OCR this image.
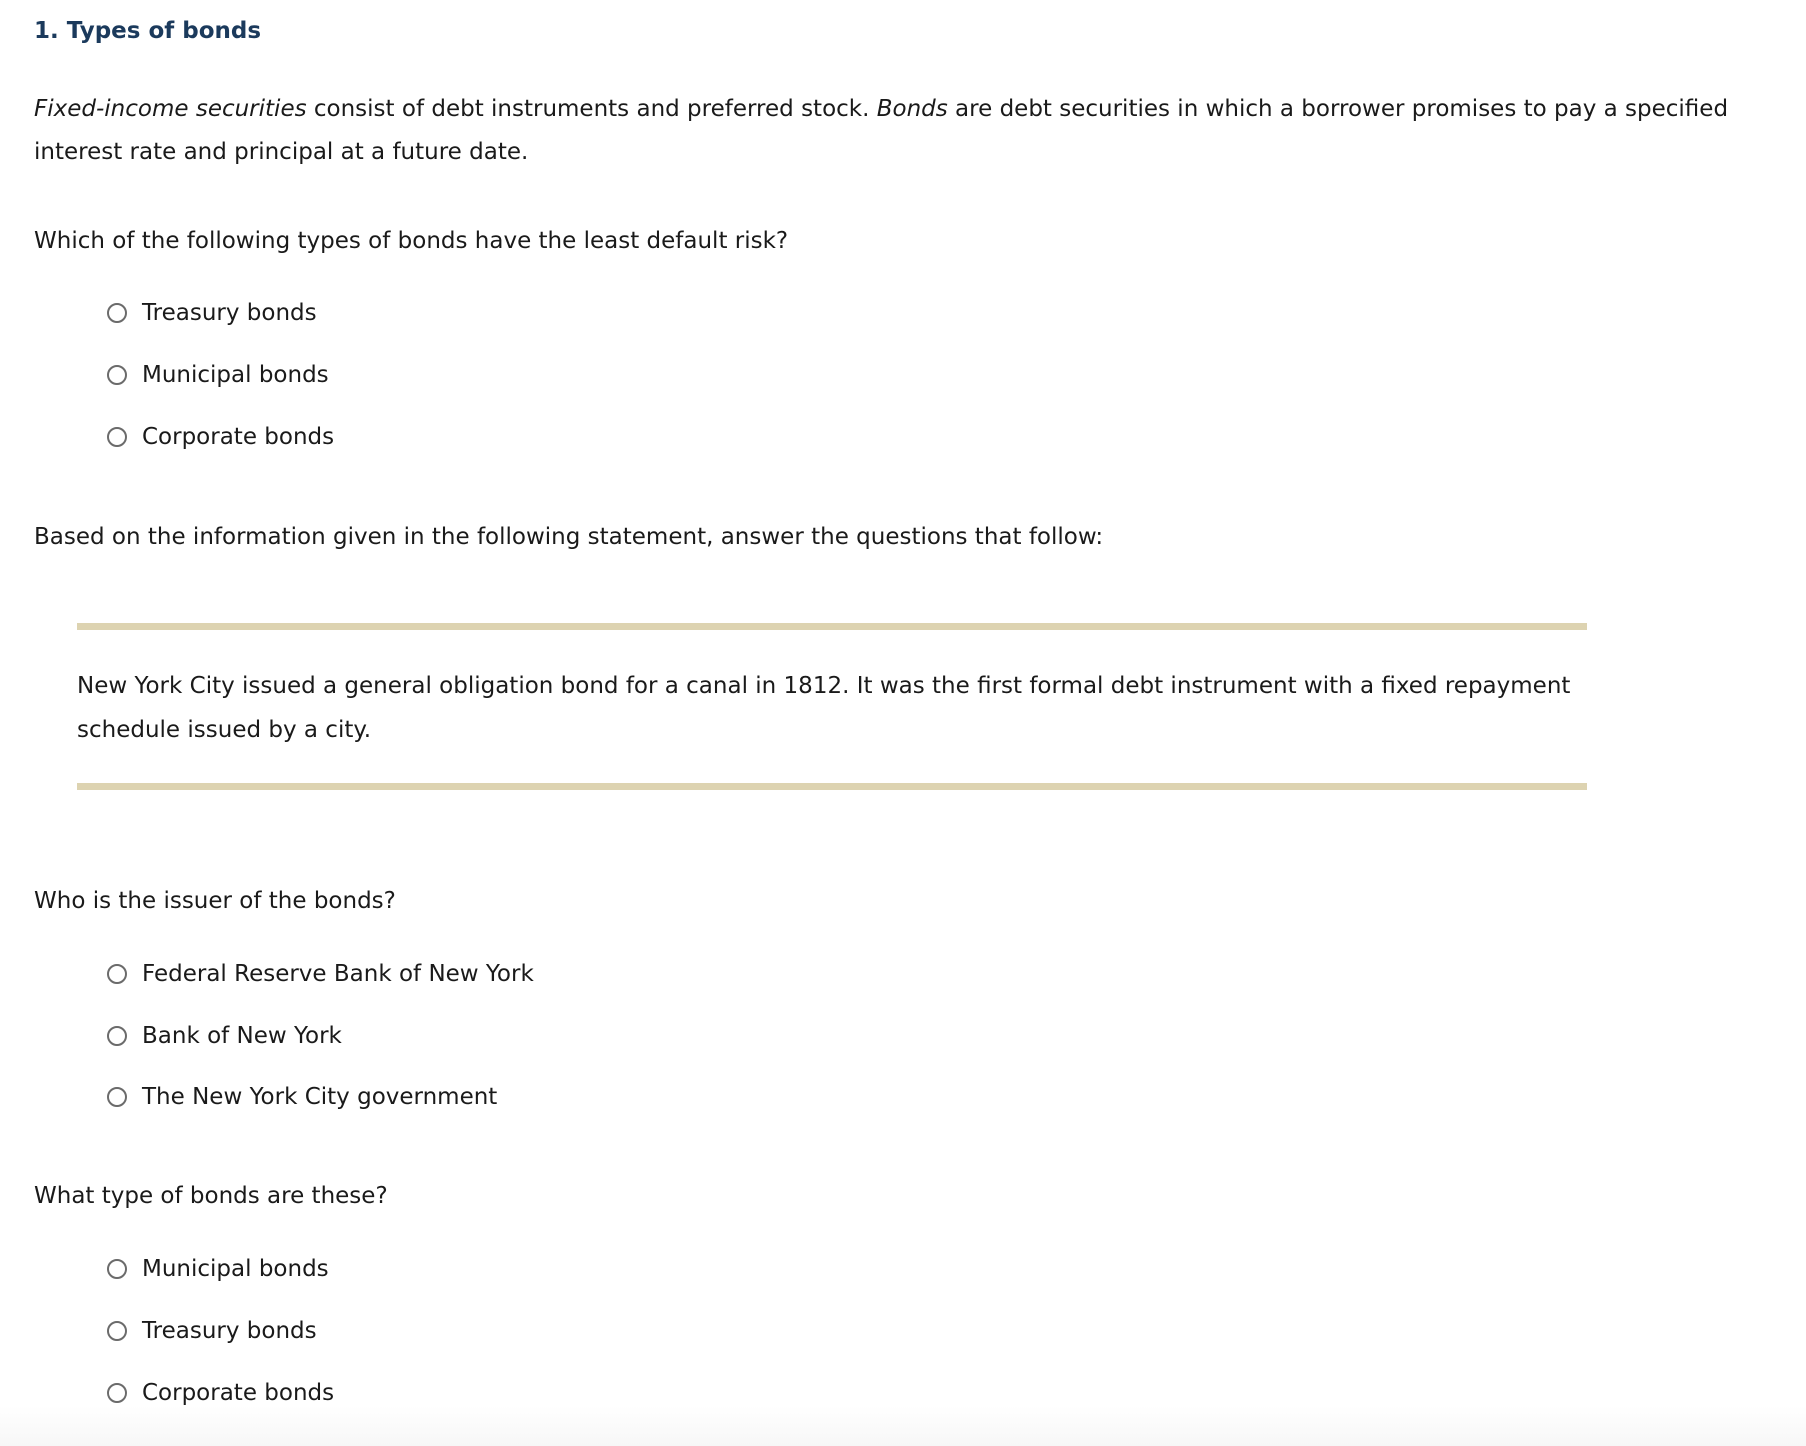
1. Types of bonds

Fixed-income securities consist of debt instruments and preferred stock. Bonds are debt securities in which a borrower promises to pay a specified interest rate and principal at a future date.

Which of the following types of bonds have the least default risk?

Treasury bonds
Municipal bonds
Corporate bonds

Based on the information given in the following statement, answer the questions that follow:

New York City issued a general obligation bond for a canal in 1812. It was the first formal debt instrument with a fixed repayment schedule issued by a city.

Who is the issuer of the bonds?

Federal Reserve Bank of New York
Bank of New York
The New York City government

What type of bonds are these?

Municipal bonds
Treasury bonds
Corporate bonds
